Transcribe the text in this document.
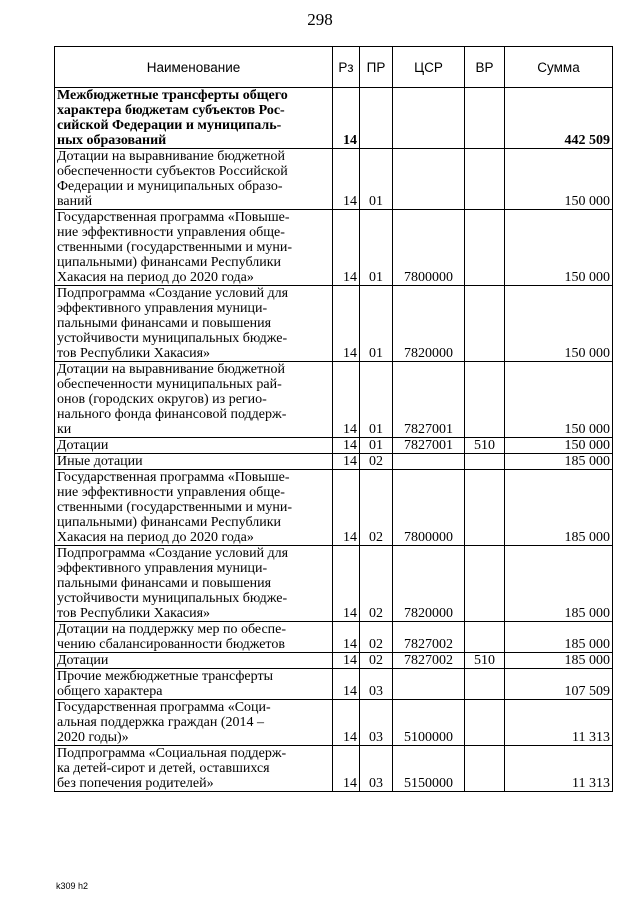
298
Наименование	Рз	ПР	ЦСР	ВР	Сумма
Межбюджетные трансферты общего
характера бюджетам субъектов Рос-
сийской Федерации и муниципаль-
ных образований	14				442 509
Дотации на выравнивание бюджетной
обеспеченности субъектов Российской
Федерации и муниципальных образо-
ваний	14	01			150 000
Государственная программа «Повыше-
ние эффективности управления обще-
ственными (государственными и муни-
ципальными) финансами Республики
Хакасия на период до 2020 года»	14	01	7800000		150 000
Подпрограмма «Создание условий для
эффективного управления муници-
пальными финансами и повышения
устойчивости муниципальных бюдже-
тов Республики Хакасия»	14	01	7820000		150 000
Дотации на выравнивание бюджетной
обеспеченности муниципальных рай-
онов (городских округов) из регио-
нального фонда финансовой поддерж-
ки	14	01	7827001		150 000
Дотации	14	01	7827001	510	150 000
Иные дотации	14	02			185 000
Государственная программа «Повыше-
ние эффективности управления обще-
ственными (государственными и муни-
ципальными) финансами Республики
Хакасия на период до 2020 года»	14	02	7800000		185 000
Подпрограмма «Создание условий для
эффективного управления муници-
пальными финансами и повышения
устойчивости муниципальных бюдже-
тов Республики Хакасия»	14	02	7820000		185 000
Дотации на поддержку мер по обеспе-
чению сбалансированности бюджетов	14	02	7827002		185 000
Дотации	14	02	7827002	510	185 000
Прочие межбюджетные трансферты
общего характера	14	03			107 509
Государственная программа «Соци-
альная поддержка граждан (2014 –
2020 годы)»	14	03	5100000		11 313
Подпрограмма «Социальная поддерж-
ка детей-сирот и детей, оставшихся
без попечения родителей»	14	03	5150000		11 313
k309 h2
